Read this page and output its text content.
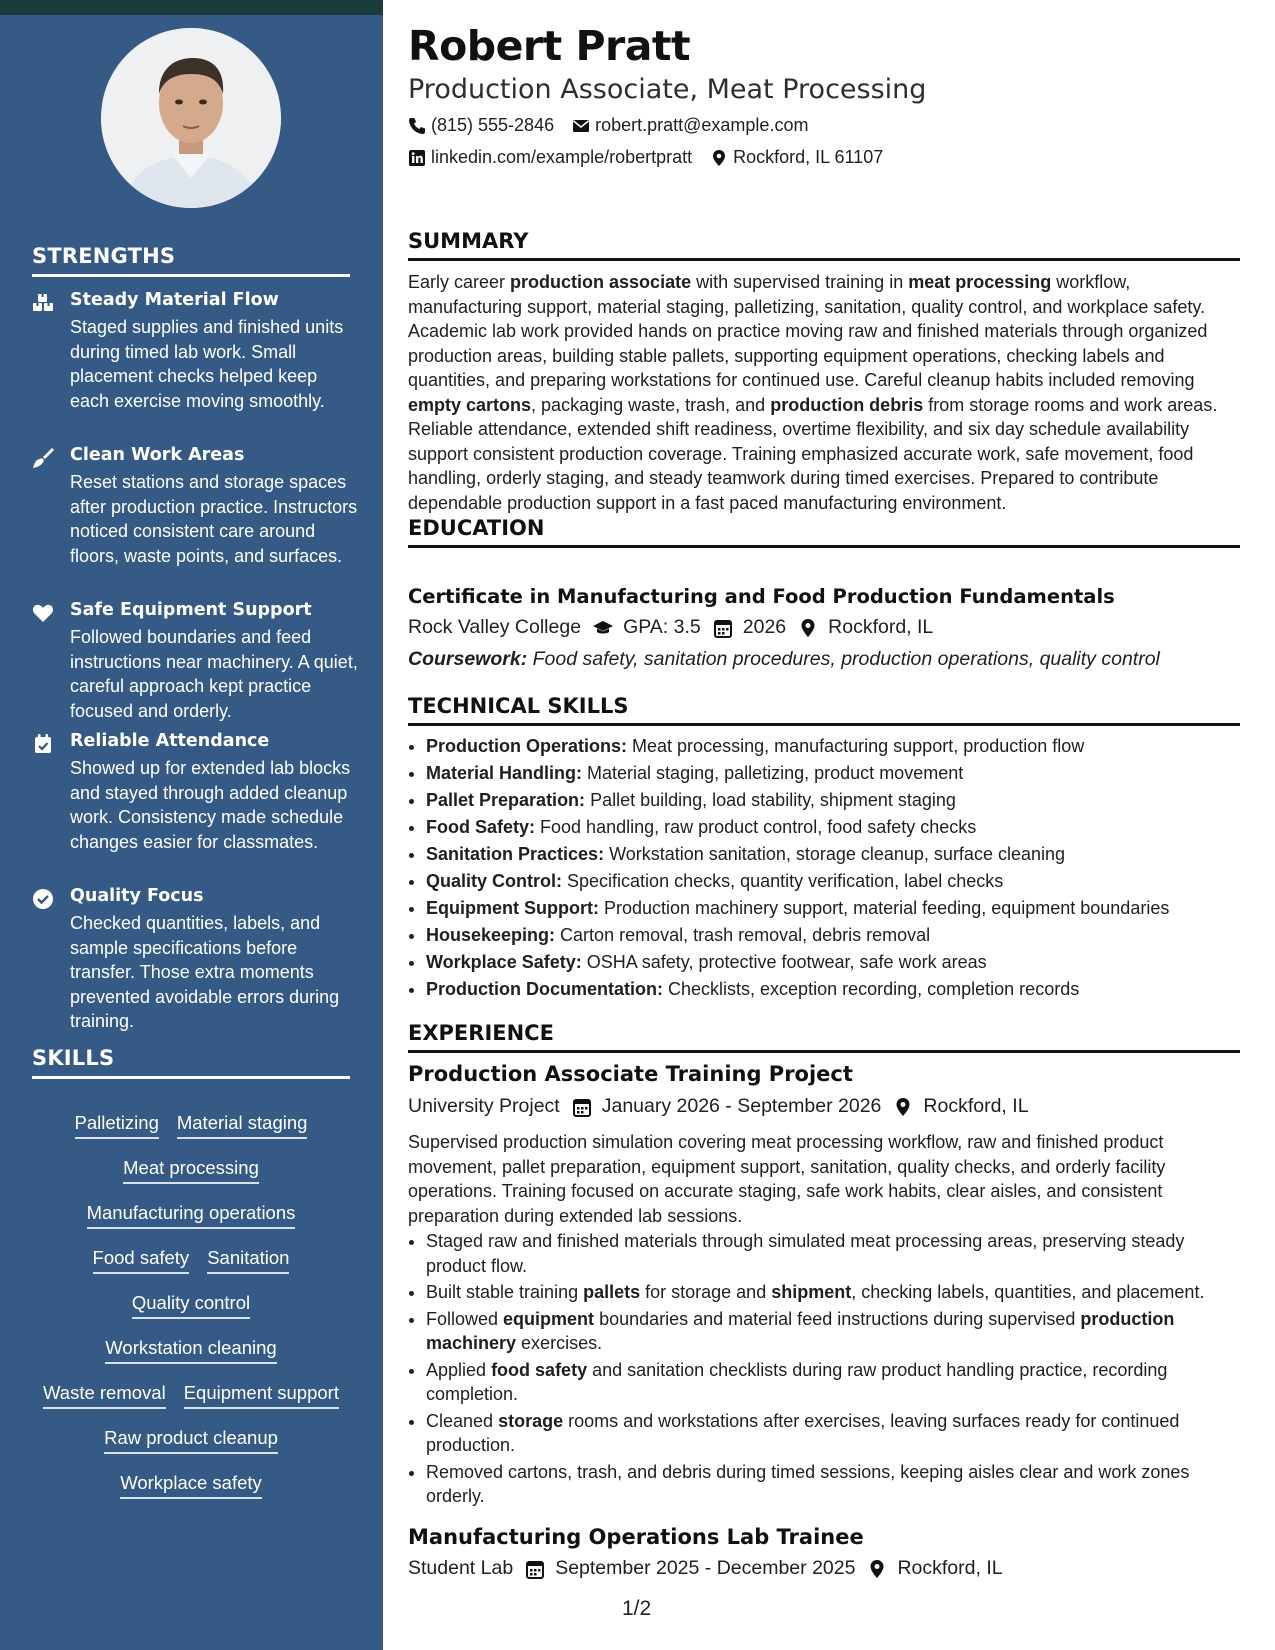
STRENGTHS
Steady Material Flow
Staged supplies and finished units during timed lab work. Small placement checks helped keep each exercise moving smoothly.
Clean Work Areas
Reset stations and storage spaces after production practice. Instructors noticed consistent care around floors, waste points, and surfaces.
Safe Equipment Support
Followed boundaries and feed instructions near machinery. A quiet, careful approach kept practice focused and orderly.
Reliable Attendance
Showed up for extended lab blocks and stayed through added cleanup work. Consistency made schedule changes easier for classmates.
Quality Focus
Checked quantities, labels, and sample specifications before transfer. Those extra moments prevented avoidable errors during training.
SKILLS
Palletizing Material staging
Meat processing
Manufacturing operations
Food safety Sanitation
Quality control
Workstation cleaning
Waste removal Equipment support
Raw product cleanup
Workplace safety
Robert Pratt
Production Associate, Meat Processing
(815) 555-2846 robert.pratt@example.com
linkedin.com/example/robertpratt Rockford, IL 61107
SUMMARY
Early career production associate with supervised training in meat processing workflow, manufacturing support, material staging, palletizing, sanitation, quality control, and workplace safety. Academic lab work provided hands on practice moving raw and finished materials through organized production areas, building stable pallets, supporting equipment operations, checking labels and quantities, and preparing workstations for continued use. Careful cleanup habits included removing empty cartons, packaging waste, trash, and production debris from storage rooms and work areas. Reliable attendance, extended shift readiness, overtime flexibility, and six day schedule availability support consistent production coverage. Training emphasized accurate work, safe movement, food handling, orderly staging, and steady teamwork during timed exercises. Prepared to contribute dependable production support in a fast paced manufacturing environment.
EDUCATION
Certificate in Manufacturing and Food Production Fundamentals
Rock Valley College GPA: 3.5 2026 Rockford, IL
Coursework: Food safety, sanitation procedures, production operations, quality control
TECHNICAL SKILLS
• Production Operations: Meat processing, manufacturing support, production flow
• Material Handling: Material staging, palletizing, product movement
• Pallet Preparation: Pallet building, load stability, shipment staging
• Food Safety: Food handling, raw product control, food safety checks
• Sanitation Practices: Workstation sanitation, storage cleanup, surface cleaning
• Quality Control: Specification checks, quantity verification, label checks
• Equipment Support: Production machinery support, material feeding, equipment boundaries
• Housekeeping: Carton removal, trash removal, debris removal
• Workplace Safety: OSHA safety, protective footwear, safe work areas
• Production Documentation: Checklists, exception recording, completion records
EXPERIENCE
Production Associate Training Project
University Project January 2026 - September 2026 Rockford, IL
Supervised production simulation covering meat processing workflow, raw and finished product movement, pallet preparation, equipment support, sanitation, quality checks, and orderly facility operations. Training focused on accurate staging, safe work habits, clear aisles, and consistent preparation during extended lab sessions.
• Staged raw and finished materials through simulated meat processing areas, preserving steady product flow.
• Built stable training pallets for storage and shipment, checking labels, quantities, and placement.
• Followed equipment boundaries and material feed instructions during supervised production machinery exercises.
• Applied food safety and sanitation checklists during raw product handling practice, recording completion.
• Cleaned storage rooms and workstations after exercises, leaving surfaces ready for continued production.
• Removed cartons, trash, and debris during timed sessions, keeping aisles clear and work zones orderly.
Manufacturing Operations Lab Trainee
Student Lab September 2025 - December 2025 Rockford, IL
1/2
